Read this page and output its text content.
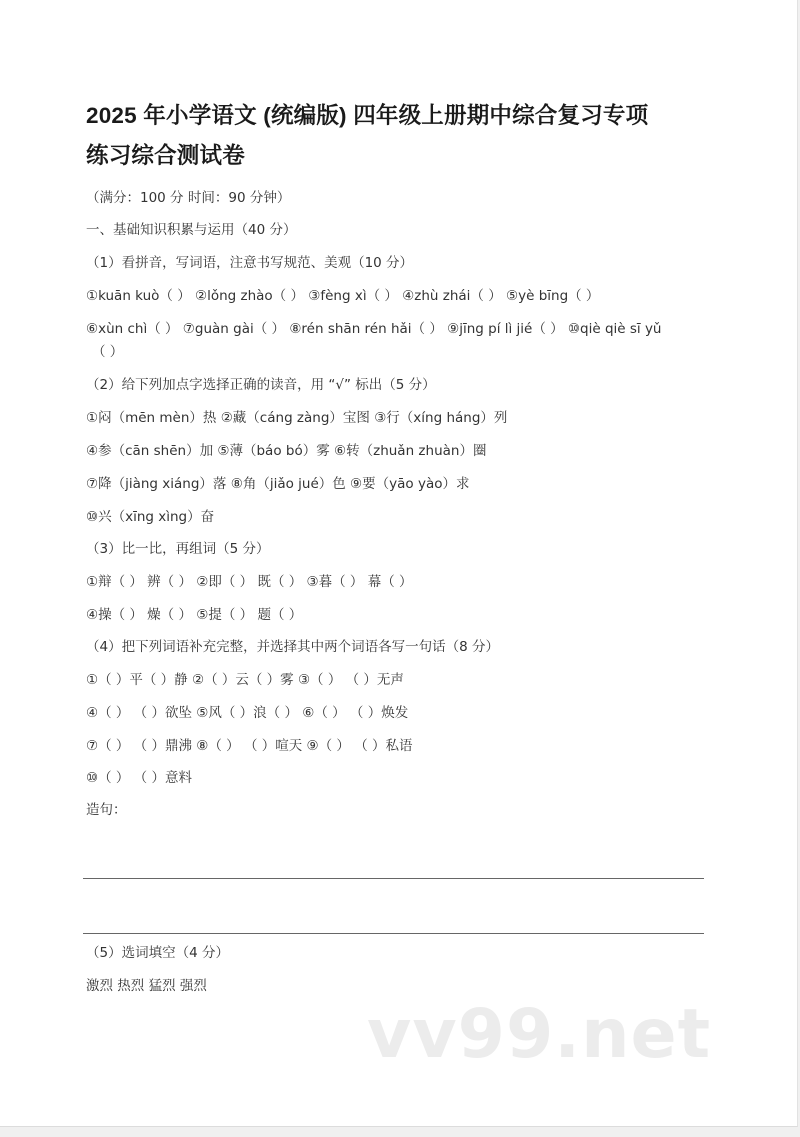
2025 年小学语文 (统编版) 四年级上册期中综合复习专项
练习综合测试卷
（满分：100 分 时间：90 分钟）
一、基础知识积累与运用（40 分）
（1）看拼音，写词语，注意书写规范、美观（10 分）
①kuān kuò（ ） ②lǒng zhào（ ） ③fèng xì（ ） ④zhù zhái（ ） ⑤yè bīng（ ）
⑥xùn chì（ ） ⑦guàn gài（ ） ⑧rén shān rén hǎi（ ） ⑨jīng pí lì jié（ ） ⑩qiè qiè sī yǔ
（ ）
（2）给下列加点字选择正确的读音，用 “√” 标出（5 分）
①闷（mēn mèn）热 ②藏（cáng zàng）宝图 ③行（xíng háng）列
④参（cān shēn）加 ⑤薄（báo bó）雾 ⑥转（zhuǎn zhuàn）圈
⑦降（jiàng xiáng）落 ⑧角（jiǎo jué）色 ⑨要（yāo yào）求
⑩兴（xīng xìng）奋
（3）比一比，再组词（5 分）
①辩（ ） 辨（ ） ②即（ ） 既（ ） ③暮（ ） 幕（ ）
④操（ ） 燥（ ） ⑤提（ ） 题（ ）
（4）把下列词语补充完整，并选择其中两个词语各写一句话（8 分）
①（ ）平（ ）静 ②（ ）云（ ）雾 ③（ ） （ ）无声
④（ ） （ ）欲坠 ⑤风（ ）浪（ ） ⑥（ ） （ ）焕发
⑦（ ） （ ）鼎沸 ⑧（ ） （ ）喧天 ⑨（ ） （ ）私语
⑩（ ） （ ）意料
造句：
（5）选词填空（4 分）
激烈 热烈 猛烈 强烈
vv99.net
